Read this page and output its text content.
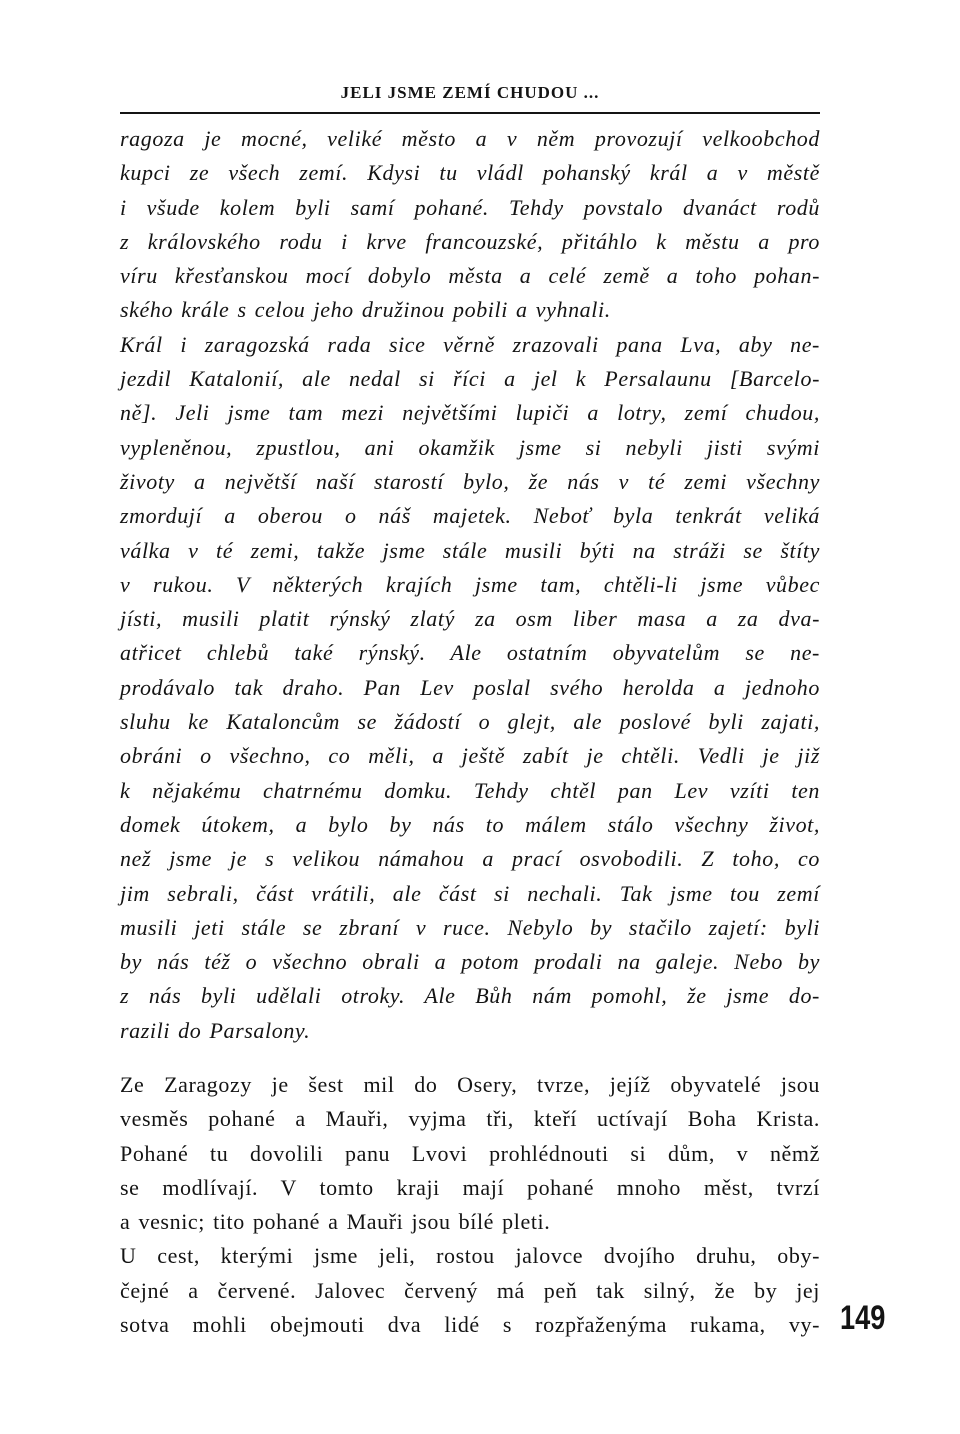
JELI JSME ZEMÍ CHUDOU ...
ragoza je mocné, veliké město a v něm provozují velkoobchod
kupci ze všech zemí. Kdysi tu vládl pohanský král a v městě
i všude kolem byli samí pohané. Tehdy povstalo dvanáct rodů
z královského rodu i krve francouzské, přitáhlo k městu a pro
víru křesťanskou mocí dobylo města a celé země a toho pohan-
ského krále s celou jeho družinou pobili a vyhnali.
Král i zaragozská rada sice věrně zrazovali pana Lva, aby ne-
jezdil Katalonií, ale nedal si říci a jel k Persalaunu [Barcelo-
ně]. Jeli jsme tam mezi největšími lupiči a lotry, zemí chudou,
vypleněnou, zpustlou, ani okamžik jsme si nebyli jisti svými
životy a největší naší starostí bylo, že nás v té zemi všechny
zmordují a oberou o náš majetek. Neboť byla tenkrát veliká
válka v té zemi, takže jsme stále musili býti na stráži se štíty
v rukou. V některých krajích jsme tam, chtěli-li jsme vůbec
jísti, musili platit rýnský zlatý za osm liber masa a za dva-
atřicet chlebů také rýnský. Ale ostatním obyvatelům se ne-
prodávalo tak draho. Pan Lev poslal svého herolda a jednoho
sluhu ke Kataloncům se žádostí o glejt, ale poslové byli zajati,
obráni o všechno, co měli, a ještě zabít je chtěli. Vedli je již
k nějakému chatrnému domku. Tehdy chtěl pan Lev vzíti ten
domek útokem, a bylo by nás to málem stálo všechny život,
než jsme je s velikou námahou a prací osvobodili. Z toho, co
jim sebrali, část vrátili, ale část si nechali. Tak jsme tou zemí
musili jeti stále se zbraní v ruce. Nebylo by stačilo zajetí: byli
by nás též o všechno obrali a potom prodali na galeje. Nebo by
z nás byli udělali otroky. Ale Bůh nám pomohl, že jsme do-
razili do Parsalony.
Ze Zaragozy je šest mil do Osery, tvrze, jejíž obyvatelé jsou
vesměs pohané a Mauři, vyjma tři, kteří uctívají Boha Krista.
Pohané tu dovolili panu Lvovi prohlédnouti si dům, v němž
se modlívají. V tomto kraji mají pohané mnoho měst, tvrzí
a vesnic; tito pohané a Mauři jsou bílé pleti.
U cest, kterými jsme jeli, rostou jalovce dvojího druhu, oby-
čejné a červené. Jalovec červený má peň tak silný, že by jej
sotva mohli obejmouti dva lidé s rozpřaženýma rukama, vy- 149
